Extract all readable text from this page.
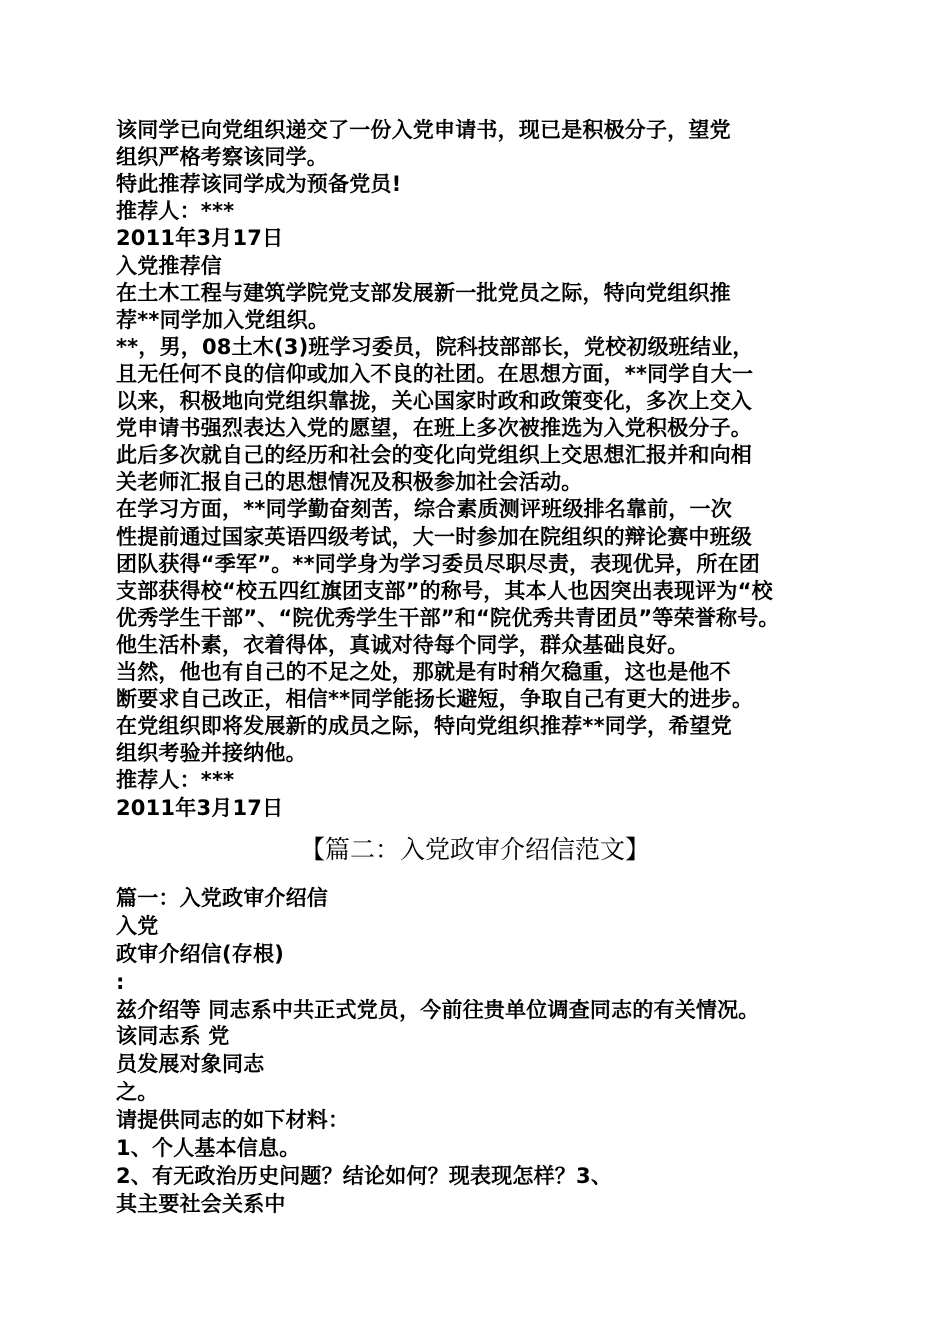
该同学已向党组织递交了一份入党申请书，现已是积极分子，望党
组织严格考察该同学。
特此推荐该同学成为预备党员!
推荐人：***
2011年3月17日
入党推荐信
在土木工程与建筑学院党支部发展新一批党员之际，特向党组织推
荐**同学加入党组织。
**，男，08土木(3)班学习委员，院科技部部长，党校初级班结业，
且无任何不良的信仰或加入不良的社团。在思想方面，**同学自大一
以来，积极地向党组织靠拢，关心国家时政和政策变化，多次上交入
党申请书强烈表达入党的愿望，在班上多次被推选为入党积极分子。
此后多次就自己的经历和社会的变化向党组织上交思想汇报并和向相
关老师汇报自己的思想情况及积极参加社会活动。
在学习方面，**同学勤奋刻苦，综合素质测评班级排名靠前，一次
性提前通过国家英语四级考试，大一时参加在院组织的辩论赛中班级
团队获得“季军”。**同学身为学习委员尽职尽责，表现优异，所在团
支部获得校“校五四红旗团支部”的称号，其本人也因突出表现评为“校
优秀学生干部”、“院优秀学生干部”和“院优秀共青团员”等荣誉称号。
他生活朴素，衣着得体，真诚对待每个同学，群众基础良好。
当然，他也有自己的不足之处，那就是有时稍欠稳重，这也是他不
断要求自己改正，相信**同学能扬长避短，争取自己有更大的进步。
在党组织即将发展新的成员之际，特向党组织推荐**同学，希望党
组织考验并接纳他。
推荐人：***
2011年3月17日
【篇二：入党政审介绍信范文】
篇一：入党政审介绍信
入党
政审介绍信(存根)
:
兹介绍等 同志系中共正式党员，今前往贵单位调查同志的有关情况。
该同志系 党
员发展对象同志
之。
请提供同志的如下材料：
1、个人基本信息。
2、有无政治历史问题？结论如何？现表现怎样？3、
其主要社会关系中
